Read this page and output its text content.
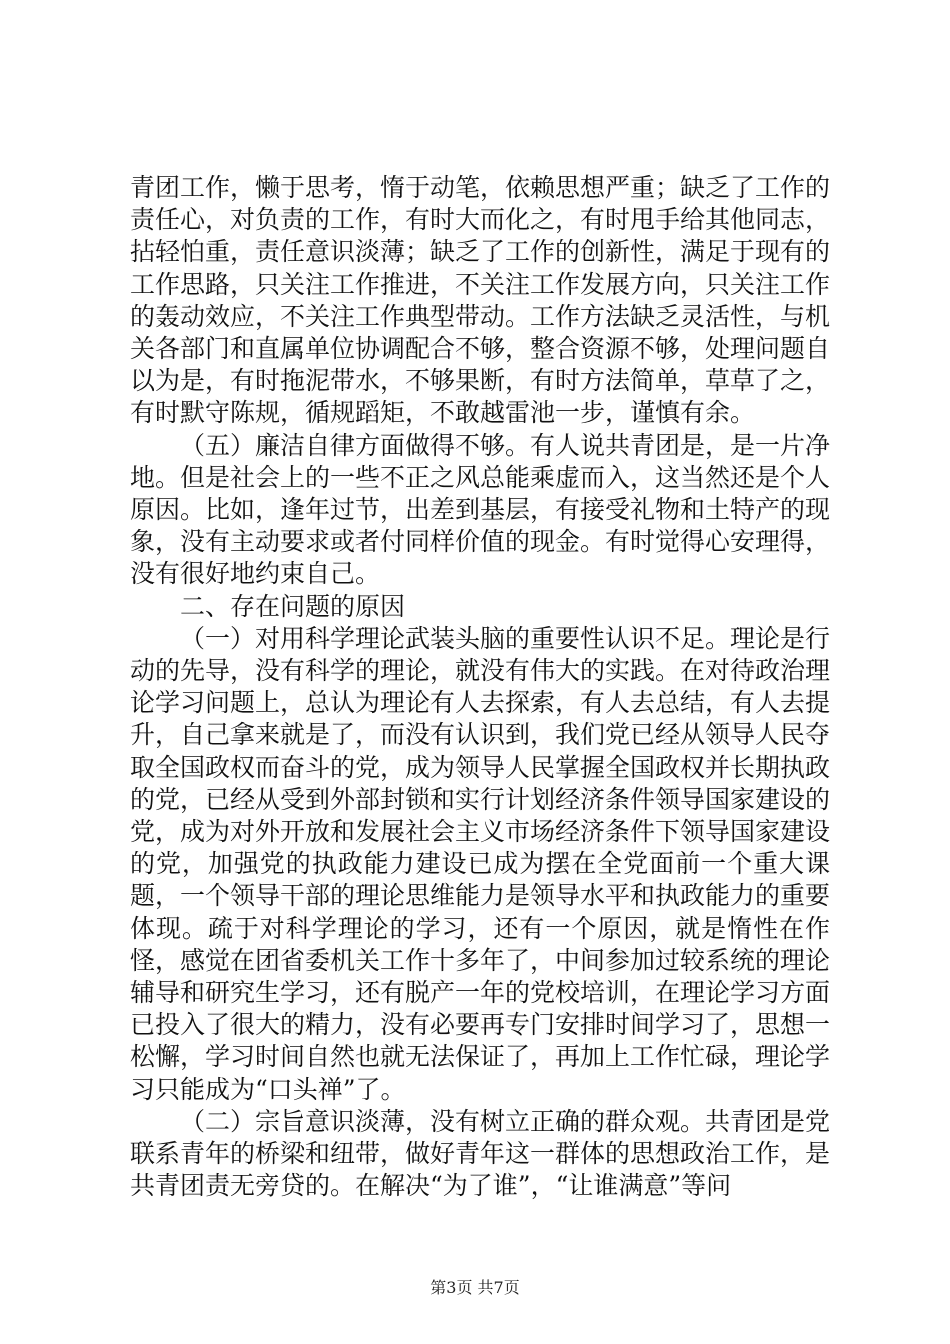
青团工作，懒于思考，惰于动笔，依赖思想严重；缺乏了工作的责任心，对负责的工作，有时大而化之，有时甩手给其他同志，拈轻怕重，责任意识淡薄；缺乏了工作的创新性，满足于现有的工作思路，只关注工作推进，不关注工作发展方向，只关注工作的轰动效应，不关注工作典型带动。工作方法缺乏灵活性，与机关各部门和直属单位协调配合不够，整合资源不够，处理问题自以为是，有时拖泥带水，不够果断，有时方法简单，草草了之，有时默守陈规，循规蹈矩，不敢越雷池一步，谨慎有余。

（五）廉洁自律方面做得不够。有人说共青团是，是一片净地。但是社会上的一些不正之风总能乘虚而入，这当然还是个人原因。比如，逢年过节，出差到基层，有接受礼物和土特产的现象，没有主动要求或者付同样价值的现金。有时觉得心安理得，没有很好地约束自己。

二、存在问题的原因

（一）对用科学理论武装头脑的重要性认识不足。理论是行动的先导，没有科学的理论，就没有伟大的实践。在对待政治理论学习问题上，总认为理论有人去探索，有人去总结，有人去提升，自己拿来就是了，而没有认识到，我们党已经从领导人民夺取全国政权而奋斗的党，成为领导人民掌握全国政权并长期执政的党，已经从受到外部封锁和实行计划经济条件领导国家建设的党，成为对外开放和发展社会主义市场经济条件下领导国家建设的党，加强党的执政能力建设已成为摆在全党面前一个重大课题，一个领导干部的理论思维能力是领导水平和执政能力的重要体现。疏于对科学理论的学习，还有一个原因，就是惰性在作怪，感觉在团省委机关工作十多年了，中间参加过较系统的理论辅导和研究生学习，还有脱产一年的党校培训，在理论学习方面已投入了很大的精力，没有必要再专门安排时间学习了，思想一松懈，学习时间自然也就无法保证了，再加上工作忙碌，理论学习只能成为“口头禅”了。

（二）宗旨意识淡薄，没有树立正确的群众观。共青团是党联系青年的桥梁和纽带，做好青年这一群体的思想政治工作，是共青团责无旁贷的。在解决“为了谁”，“让谁满意”等问

第3页 共7页
